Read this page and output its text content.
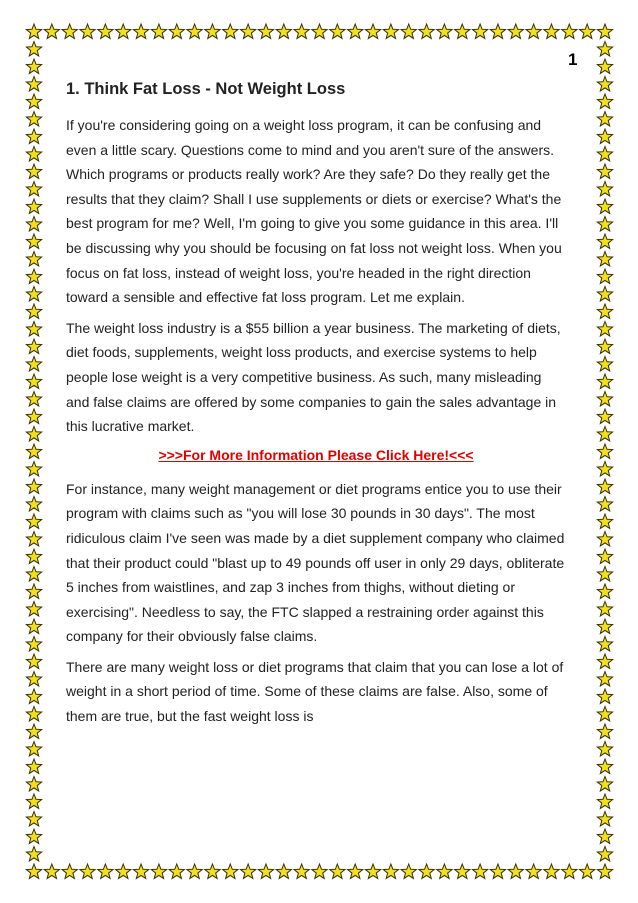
1
1. Think Fat Loss - Not Weight Loss

If you're considering going on a weight loss program, it can be confusing and even a little scary. Questions come to mind and you aren't sure of the answers. Which programs or products really work? Are they safe? Do they really get the results that they claim? Shall I use supplements or diets or exercise? What's the best program for me? Well, I'm going to give you some guidance in this area. I'll be discussing why you should be focusing on fat loss not weight loss. When you focus on fat loss, instead of weight loss, you're headed in the right direction toward a sensible and effective fat loss program. Let me explain.

The weight loss industry is a $55 billion a year business. The marketing of diets, diet foods, supplements, weight loss products, and exercise systems to help people lose weight is a very competitive business. As such, many misleading and false claims are offered by some companies to gain the sales advantage in this lucrative market.

>>>For More Information Please Click Here!<<<

For instance, many weight management or diet programs entice you to use their program with claims such as "you will lose 30 pounds in 30 days". The most ridiculous claim I've seen was made by a diet supplement company who claimed that their product could "blast up to 49 pounds off user in only 29 days, obliterate 5 inches from waistlines, and zap 3 inches from thighs, without dieting or exercising". Needless to say, the FTC slapped a restraining order against this company for their obviously false claims.

There are many weight loss or diet programs that claim that you can lose a lot of weight in a short period of time. Some of these claims are false. Also, some of them are true, but the fast weight loss is
